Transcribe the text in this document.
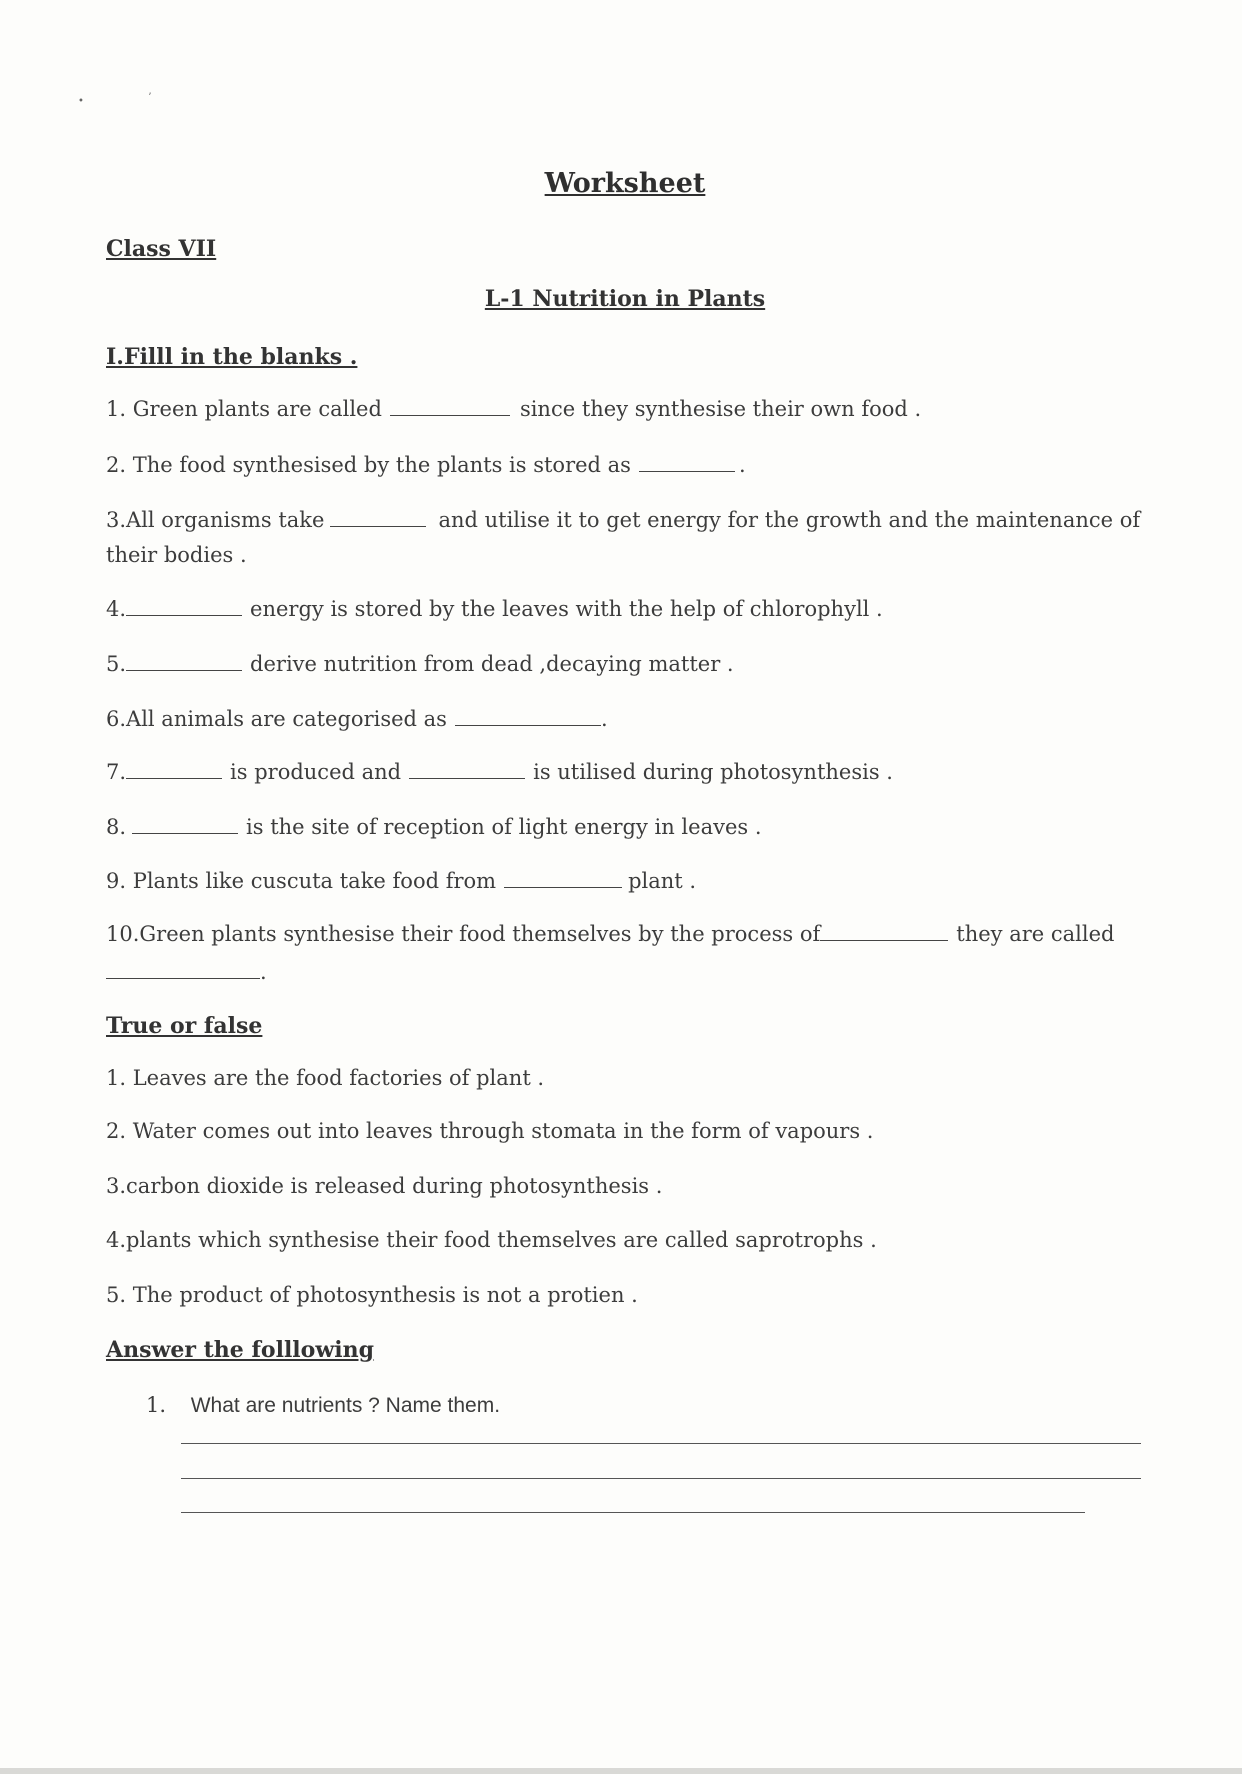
•	ʼ
Worksheet
Class VII
L-1 Nutrition in Plants
I.Filll in the blanks .
1. Green plants are called	since they synthesise their own food .
2. The food synthesised by the plants is stored as	.
3.All organisms take	and utilise it to get energy for the growth and the maintenance of
their bodies .
4.	energy is stored by the leaves with the help of chlorophyll .
5.	derive nutrition from dead ,decaying matter .
6.All animals are categorised as	.
7.	is produced and	is utilised during photosynthesis .
8.	is the site of reception of light energy in leaves .
9. Plants like cuscuta take food from	plant .
10.Green plants synthesise their food themselves by the process of	they are called
.
True or false
1. Leaves are the food factories of plant .
2. Water comes out into leaves through stomata in the form of vapours .
3.carbon dioxide is released during photosynthesis .
4.plants which synthesise their food themselves are called saprotrophs .
5. The product of photosynthesis is not a protien .
Answer the folllowing
1. What are nutrients ? Name them.
